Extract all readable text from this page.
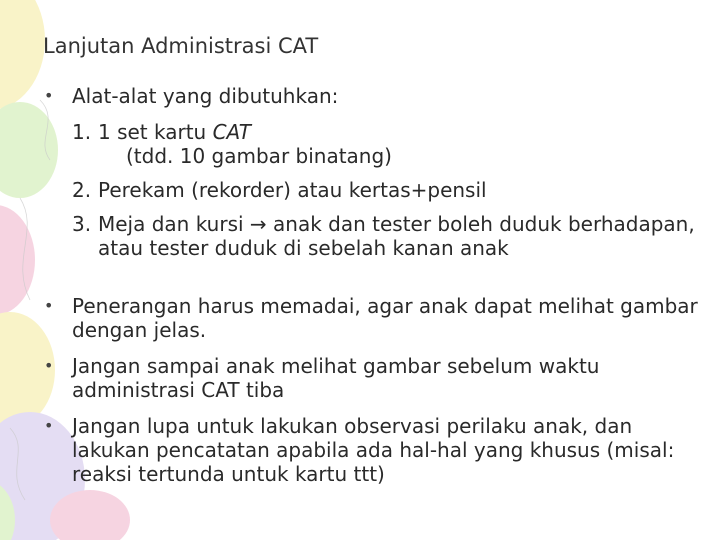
Lanjutan Administrasi CAT
• Alat-alat yang dibutuhkan:
1. 1 set kartu CAT
(tdd. 10 gambar binatang)
2. Perekam (rekorder) atau kertas+pensil
3. Meja dan kursi → anak dan tester boleh duduk berhadapan, atau tester duduk di sebelah kanan anak
• Penerangan harus memadai, agar anak dapat melihat gambar dengan jelas.
• Jangan sampai anak melihat gambar sebelum waktu administrasi CAT tiba
• Jangan lupa untuk lakukan observasi perilaku anak, dan lakukan pencatatan apabila ada hal-hal yang khusus (misal: reaksi tertunda untuk kartu ttt)
